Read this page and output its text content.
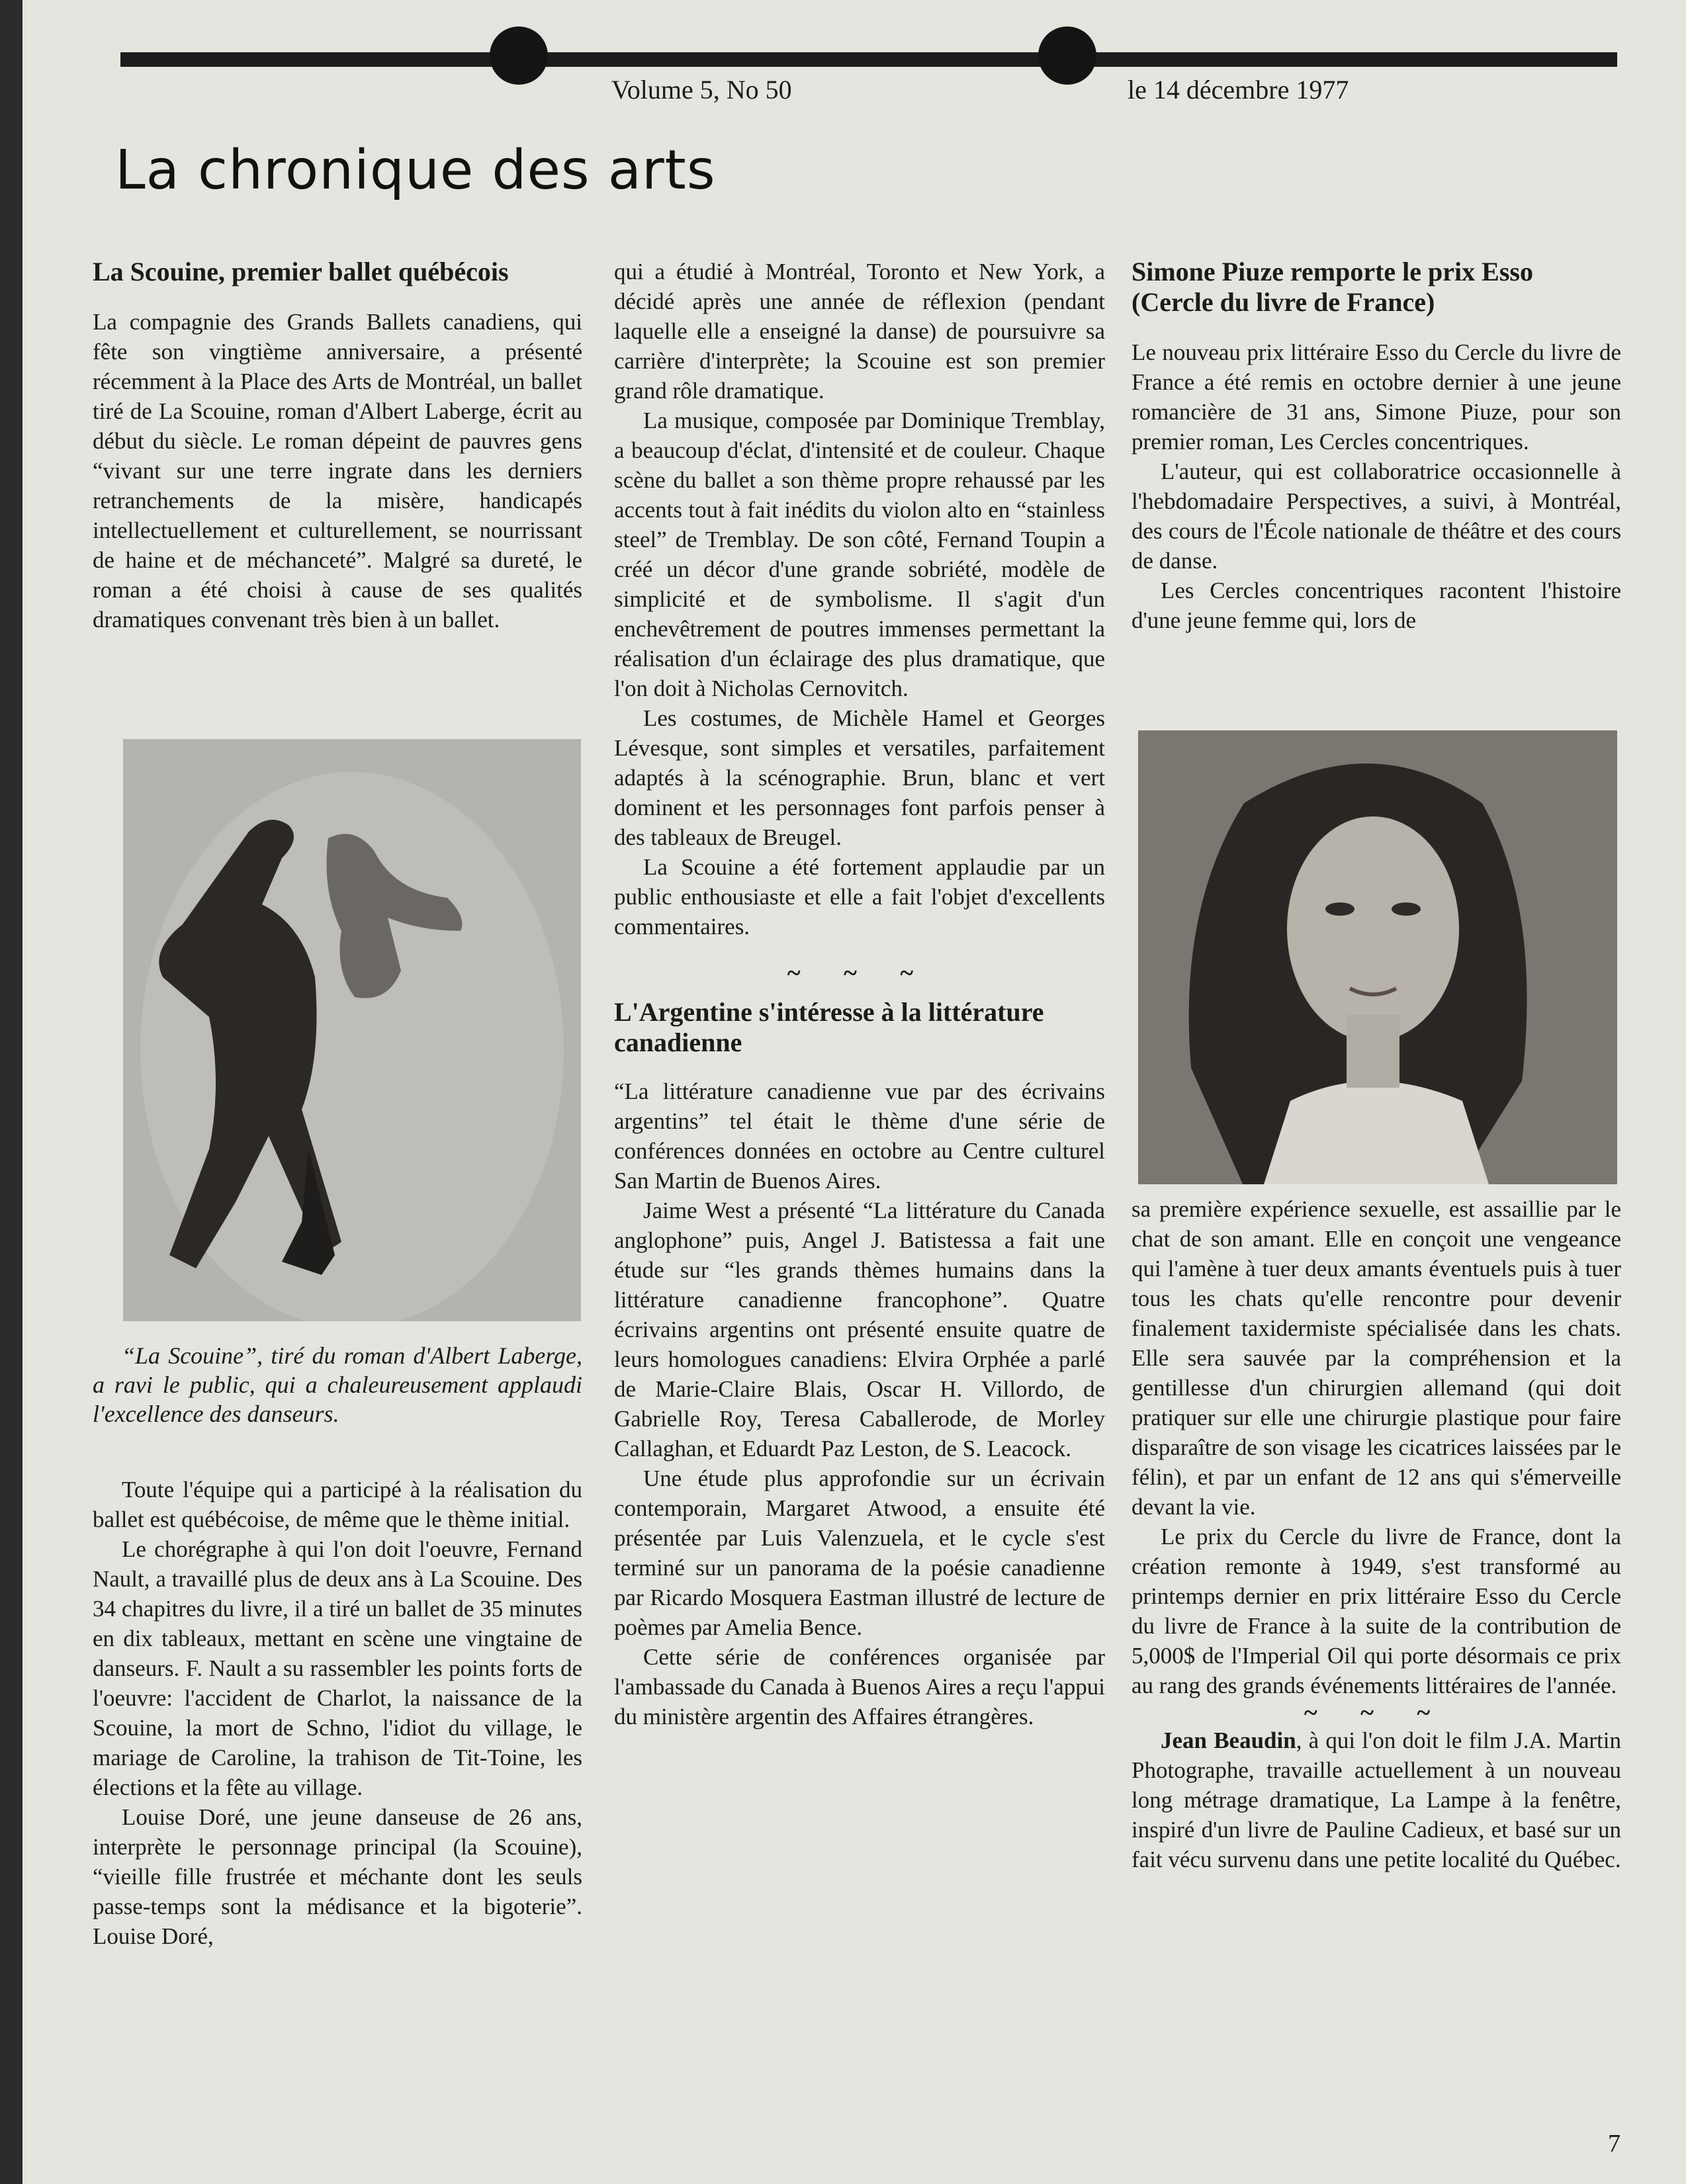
Volume 5, No 50	le 14 décembre 1977
La chronique des arts
La Scouine, premier ballet québécois

La compagnie des Grands Ballets canadiens, qui fête son vingtième anniversaire, a présenté récemment à la Place des Arts de Montréal, un ballet tiré de La Scouine, roman d'Albert Laberge, écrit au début du siècle. Le roman dépeint de pauvres gens “vivant sur une terre ingrate dans les derniers retranchements de la misère, handicapés intellectuellement et culturellement, se nourrissant de haine et de méchanceté”. Malgré sa dureté, le roman a été choisi à cause de ses qualités dramatiques convenant très bien à un ballet.

“La Scouine”, tiré du roman d'Albert Laberge, a ravi le public, qui a chaleureusement applaudi l'excellence des danseurs.

Toute l'équipe qui a participé à la réalisation du ballet est québécoise, de même que le thème initial.

Le chorégraphe à qui l'on doit l'oeuvre, Fernand Nault, a travaillé plus de deux ans à La Scouine. Des 34 chapitres du livre, il a tiré un ballet de 35 minutes en dix tableaux, mettant en scène une vingtaine de danseurs. F. Nault a su rassembler les points forts de l'oeuvre: l'accident de Charlot, la naissance de la Scouine, la mort de Schno, l'idiot du village, le mariage de Caroline, la trahison de Tit-Toine, les élections et la fête au village.

Louise Doré, une jeune danseuse de 26 ans, interprète le personnage principal (la Scouine), “vieille fille frustrée et méchante dont les seuls passe-temps sont la médisance et la bigoterie”. Louise Doré,

qui a étudié à Montréal, Toronto et New York, a décidé après une année de réflexion (pendant laquelle elle a enseigné la danse) de poursuivre sa carrière d'interprète; la Scouine est son premier grand rôle dramatique.

La musique, composée par Dominique Tremblay, a beaucoup d'éclat, d'intensité et de couleur. Chaque scène du ballet a son thème propre rehaussé par les accents tout à fait inédits du violon alto en “stainless steel” de Tremblay. De son côté, Fernand Toupin a créé un décor d'une grande sobriété, modèle de simplicité et de symbolisme. Il s'agit d'un enchevêtrement de poutres immenses permettant la réalisation d'un éclairage des plus dramatique, que l'on doit à Nicholas Cernovitch.

Les costumes, de Michèle Hamel et Georges Lévesque, sont simples et versatiles, parfaitement adaptés à la scénographie. Brun, blanc et vert dominent et les personnages font parfois penser à des tableaux de Breugel.

La Scouine a été fortement applaudie par un public enthousiaste et elle a fait l'objet d'excellents commentaires.

~ ~ ~
L'Argentine s'intéresse à la littérature canadienne

“La littérature canadienne vue par des écrivains argentins” tel était le thème d'une série de conférences données en octobre au Centre culturel San Martin de Buenos Aires.

Jaime West a présenté “La littérature du Canada anglophone” puis, Angel J. Batistessa a fait une étude sur “les grands thèmes humains dans la littérature canadienne francophone”. Quatre écrivains argentins ont présenté ensuite quatre de leurs homologues canadiens: Elvira Orphée a parlé de Marie-Claire Blais, Oscar H. Villordo, de Gabrielle Roy, Teresa Caballerode, de Morley Callaghan, et Eduardt Paz Leston, de S. Leacock.

Une étude plus approfondie sur un écrivain contemporain, Margaret Atwood, a ensuite été présentée par Luis Valenzuela, et le cycle s'est terminé sur un panorama de la poésie canadienne par Ricardo Mosquera Eastman illustré de lecture de poèmes par Amelia Bence.

Cette série de conférences organisée par l'ambassade du Canada à Buenos Aires a reçu l'appui du ministère argentin des Affaires étrangères.

Simone Piuze remporte le prix Esso (Cercle du livre de France)

Le nouveau prix littéraire Esso du Cercle du livre de France a été remis en octobre dernier à une jeune romancière de 31 ans, Simone Piuze, pour son premier roman, Les Cercles concentriques.

L'auteur, qui est collaboratrice occasionnelle à l'hebdomadaire Perspectives, a suivi, à Montréal, des cours de l'École nationale de théâtre et des cours de danse.

Les Cercles concentriques racontent l'histoire d'une jeune femme qui, lors de

sa première expérience sexuelle, est assaillie par le chat de son amant. Elle en conçoit une vengeance qui l'amène à tuer deux amants éventuels puis à tuer tous les chats qu'elle rencontre pour devenir finalement taxidermiste spécialisée dans les chats. Elle sera sauvée par la compréhension et la gentillesse d'un chirurgien allemand (qui doit pratiquer sur elle une chirurgie plastique pour faire disparaître de son visage les cicatrices laissées par le félin), et par un enfant de 12 ans qui s'émerveille devant la vie.

Le prix du Cercle du livre de France, dont la création remonte à 1949, s'est transformé au printemps dernier en prix littéraire Esso du Cercle du livre de France à la suite de la contribution de 5,000$ de l'Imperial Oil qui porte désormais ce prix au rang des grands événements littéraires de l'année.

~ ~ ~

Jean Beaudin, à qui l'on doit le film J.A. Martin Photographe, travaille actuellement à un nouveau long métrage dramatique, La Lampe à la fenêtre, inspiré d'un livre de Pauline Cadieux, et basé sur un fait vécu survenu dans une petite localité du Québec.

7
